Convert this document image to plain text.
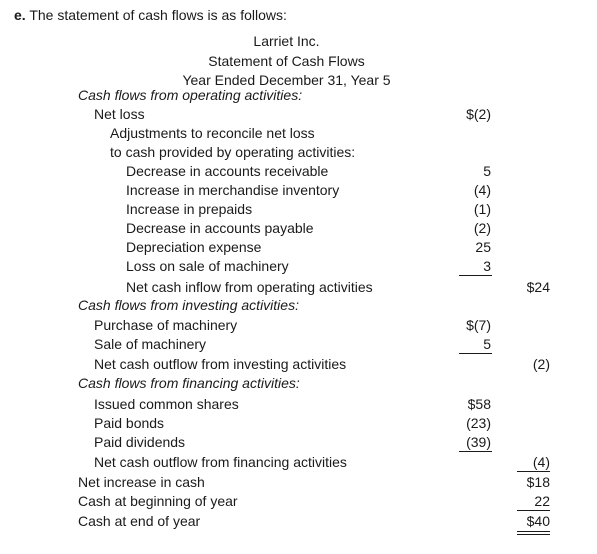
e. The statement of cash flows is as follows:
Larriet Inc.
Statement of Cash Flows
Year Ended December 31, Year 5
Cash flows from operating activities:
Net loss	$(2)
Adjustments to reconcile net loss
to cash provided by operating activities:
Decrease in accounts receivable	5
Increase in merchandise inventory	(4)
Increase in prepaids	(1)
Decrease in accounts payable	(2)
Depreciation expense	25
Loss on sale of machinery	3
Net cash inflow from operating activities	$24
Cash flows from investing activities:
Purchase of machinery	$(7)
Sale of machinery	5
Net cash outflow from investing activities	(2)
Cash flows from financing activities:
Issued common shares	$58
Paid bonds	(23)
Paid dividends	(39)
Net cash outflow from financing activities	(4)
Net increase in cash	$18
Cash at beginning of year	22
Cash at end of year	$40
